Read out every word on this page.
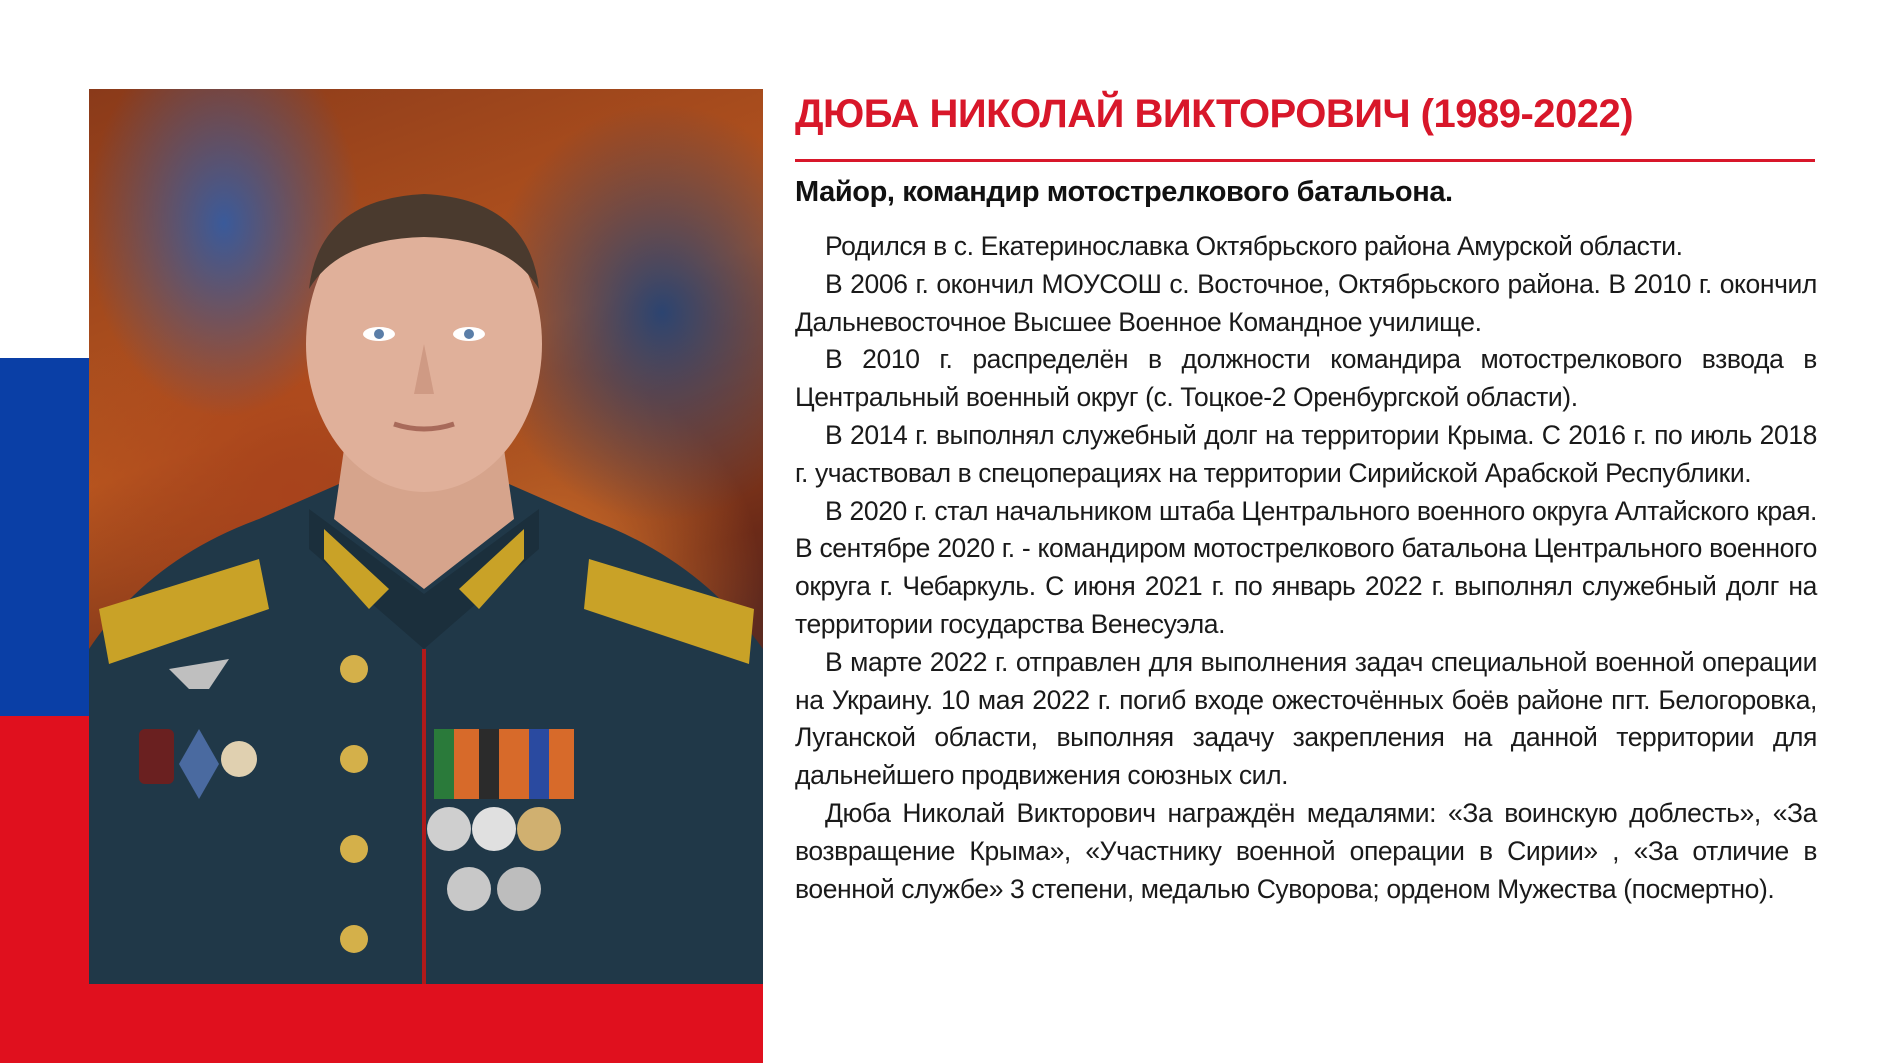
ДЮБА НИКОЛАЙ ВИКТОРОВИЧ (1989-2022)
Майор, командир мотострелкового батальона.

Родился в с. Екатеринославка Октябрьского района Амурской области.

В 2006 г. окончил МОУСОШ с. Восточное, Октябрьского района. В 2010 г. окончил Дальневосточное Высшее Военное Командное училище.

В 2010 г. распределён в должности командира мотострелкового взвода в Центральный военный округ (с. Тоцкое-2 Оренбургской области).

В 2014 г. выполнял служебный долг на территории Крыма. С 2016 г. по июль 2018 г. участвовал в спецоперациях на территории Сирийской Арабской Республики.

В 2020 г. стал начальником штаба Центрального военного округа Алтайского края. В сентябре 2020 г. - командиром мотострелкового батальона Центрального военного округа г. Чебаркуль. С июня 2021 г. по январь 2022 г. выполнял служебный долг на территории государства Венесуэла.

В марте 2022 г. отправлен для выполнения задач специальной военной операции на Украину. 10 мая 2022 г. погиб входе ожесточённых боёв районе пгт. Белогоровка, Луганской области, выполняя задачу закрепления на данной территории для дальнейшего продвижения союзных сил.

Дюба Николай Викторович награждён медалями: «За воинскую доблесть», «За возвращение Крыма», «Участнику военной операции в Сирии» , «За отличие в военной службе» 3 степени, медалью Суворова; орденом Мужества (посмертно).
